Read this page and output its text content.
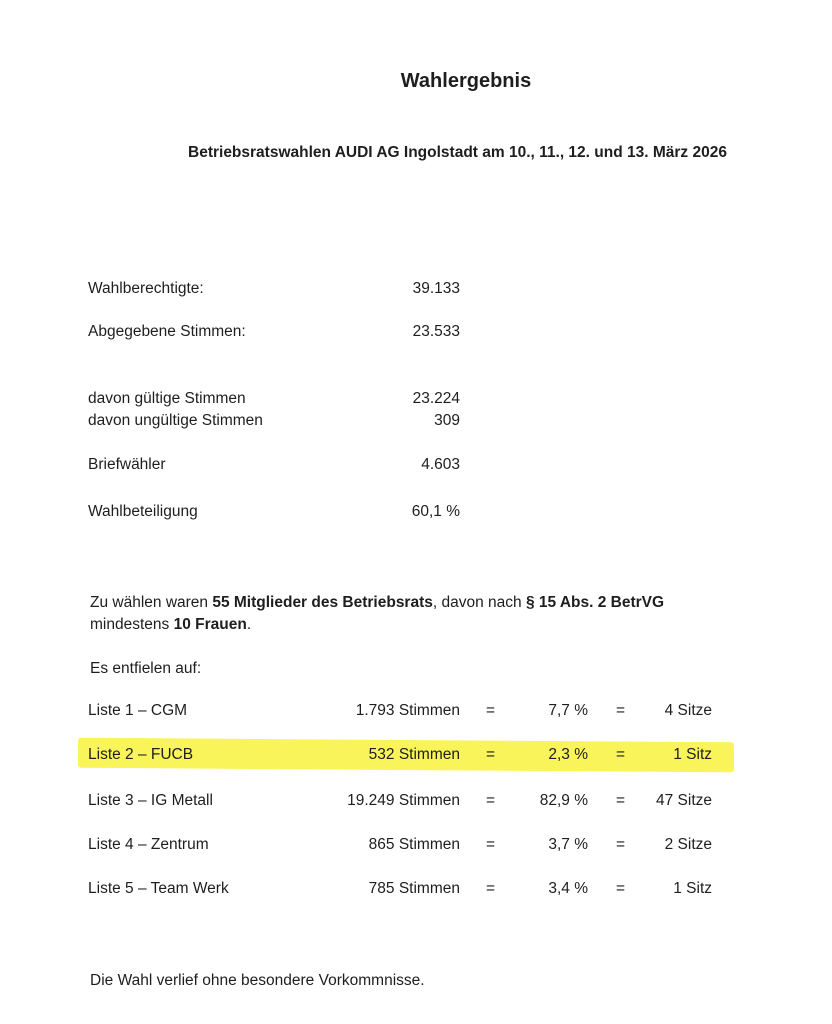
Wahlergebnis
Betriebsratswahlen AUDI AG Ingolstadt am 10., 11., 12. und 13. März 2026
Wahlberechtigte:	39.133
Abgegebene Stimmen:	23.533
davon gültige Stimmen	23.224
davon ungültige Stimmen	309
Briefwähler	4.603
Wahlbeteiligung	60,1 %
Zu wählen waren 55 Mitglieder des Betriebsrats, davon nach § 15 Abs. 2 BetrVG
mindestens 10 Frauen.
Es entfielen auf:
Liste 1 – CGM	1.793 Stimmen =	7,7 % =	4 Sitze
Liste 2 – FUCB	532 Stimmen =	2,3 % =	1 Sitz
Liste 3 – IG Metall	19.249 Stimmen =	82,9 % = 47 Sitze
Liste 4 – Zentrum	865 Stimmen =	3,7 % =	2 Sitze
Liste 5 – Team Werk	785 Stimmen =	3,4 % =	1 Sitz
Die Wahl verlief ohne besondere Vorkommnisse.
